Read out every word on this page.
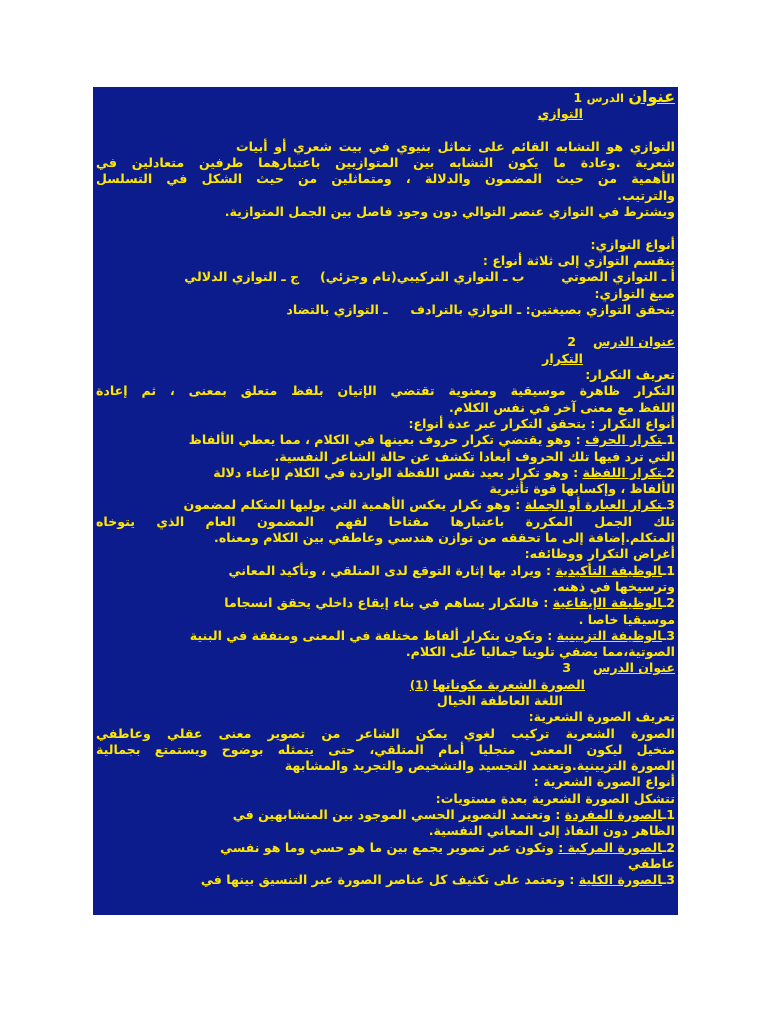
عنوان الدرس 1
التوازي
التوازي هو التشابه القائم على تماثل بنيوي في بيت شعري أو أبيات
شعرية .وعادة ما يكون التشابه بين المتوازيين باعتبارهما طرفين متعادلين في
الأهمية من حيث المضمون والدلالة ، ومتماثلين من حيث الشكل في التسلسل
والترتيب.
ويشترط في التوازي عنصر التوالي دون وجود فاصل بين الجمل المتوازية.
أنواع التوازي:
ينقسم التوازي إلى ثلاثة أنواع :
أ ـ التوازي الصوتي  ب ـ التوازي التركيبي(تام وجزئي)  ج ـ التوازي الدلالي
صيغ التوازي:
يتحقق التوازي بصيغتين: ـ التوازي بالترادف  ـ التوازي بالتضاد
عنوان الدرس 2
التكرار
تعريف التكرار:
التكرار ظاهرة موسيقية ومعنوية تقتضي الإتيان بلفظ متعلق بمعنى ، ثم إعادة
اللفظ مع معنى آخر في نفس الكلام.
أنواع التكرار : يتحقق التكرار عبر عدة أنواع:
1ـتكرار الحرف : وهو يقتضي تكرار حروف بعينها في الكلام ، مما يعطي الألفاظ
التي ترد فيها تلك الحروف أبعادا تكشف عن حالة الشاعر النفسية.
2ـتكرار اللفظة : وهو تكرار يعيد نفس اللفظة الواردة في الكلام لإغناء دلالة
الألفاظ ، وإكسابها قوة تأثيرية
3ـتكرار العبارة أو الجملة : وهو تكرار يعكس الأهمية التي يوليها المتكلم لمضمون
تلك الجمل المكررة باعتبارها مفتاحا لفهم المضمون العام الذي يتوخاه
المتكلم.إضافة إلى ما تحققه من توازن هندسي وعاطفي بين الكلام ومعناه.
أغراض التكرار ووظائفه:
1ـالوظيفة التأكيدية : ويراد بها إثارة التوقع لدى المتلقي ، وتأكيد المعاني
وترسيخها في ذهنه.
2ـالوظيفة الإيقاعية : فالتكرار يساهم في بناء إيقاع داخلي يحقق انسجاما
موسيقيا خاصا .
3ـالوظيفة التزيينية : وتكون بتكرار ألفاظ مختلفة في المعنى ومتفقة في البنية
الصوتية،مما يضفي تلوينا جماليا على الكلام.
عنوان الدرس 3
الصورة الشعرية مكوناتها (1)
اللغة العاطفة الخيال
تعريف الصورة الشعرية:
الصورة الشعرية تركيب لغوي يمكن الشاعر من تصوير معنى عقلي وعاطفي
متخيل ليكون المعنى متجليا أمام المتلقي، حتى يتمثله بوضوح ويستمتع بجمالية
الصورة التزيينية.وتعتمد التجسيد والتشخيص والتجريد والمشابهة
أنواع الصورة الشعرية :
تتشكل الصورة الشعرية بعدة مستويات:
1ـالصورة المفردة : وتعتمد التصوير الحسي الموجود بين المتشابهين في
الظاهر دون النفاذ إلى المعاني النفسية.
2ـالصورة المركبة : وتكون عبر تصوير يجمع بين ما هو حسي وما هو نفسي
عاطفي
3ـالصورة الكلية : وتعتمد على تكثيف كل عناصر الصورة عبر التنسيق بينها في
